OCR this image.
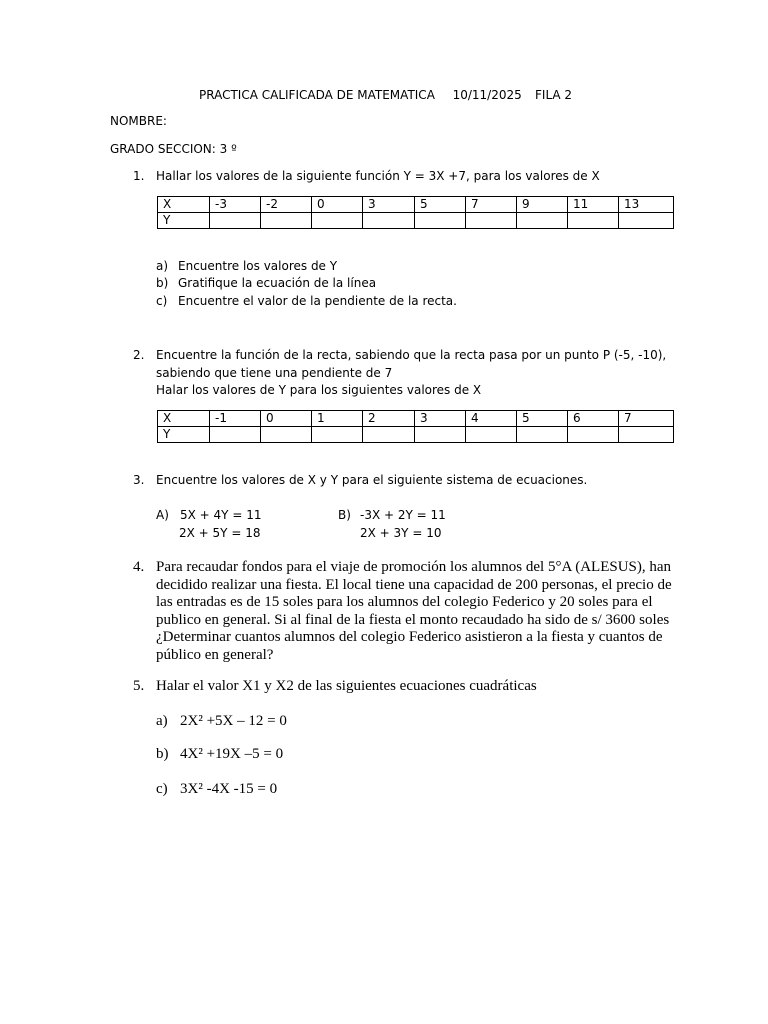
PRACTICA CALIFICADA DE MATEMATICA 10/11/2025 FILA 2
NOMBRE:
GRADO SECCION: 3 º
1. Hallar los valores de la siguiente función Y = 3X +7, para los valores de X
X	-3	-2	0	3	5	7	9	11	13
Y									
a) Encuentre los valores de Y
b) Gratifique la ecuación de la línea
c) Encuentre el valor de la pendiente de la recta.
2. Encuentre la función de la recta, sabiendo que la recta pasa por un punto P (-5, -10),
sabiendo que tiene una pendiente de 7
Halar los valores de Y para los siguientes valores de X
X	-1	0	1	2	3	4	5	6	7
Y									
3. Encuentre los valores de X y Y para el siguiente sistema de ecuaciones.
A) 5X + 4Y = 11
2X + 5Y = 18
B) -3X + 2Y = 11
2X + 3Y = 10
4. Para recaudar fondos para el viaje de promoción los alumnos del 5°A (ALESUS), han
decidido realizar una fiesta. El local tiene una capacidad de 200 personas, el precio de
las entradas es de 15 soles para los alumnos del colegio Federico y 20 soles para el
publico en general. Si al final de la fiesta el monto recaudado ha sido de s/ 3600 soles
¿Determinar cuantos alumnos del colegio Federico asistieron a la fiesta y cuantos de
público en general?
5. Halar el valor X1 y X2 de las siguientes ecuaciones cuadráticas
a) 2X² +5X – 12 = 0
b) 4X² +19X –5 = 0
c) 3X² -4X -15 = 0
